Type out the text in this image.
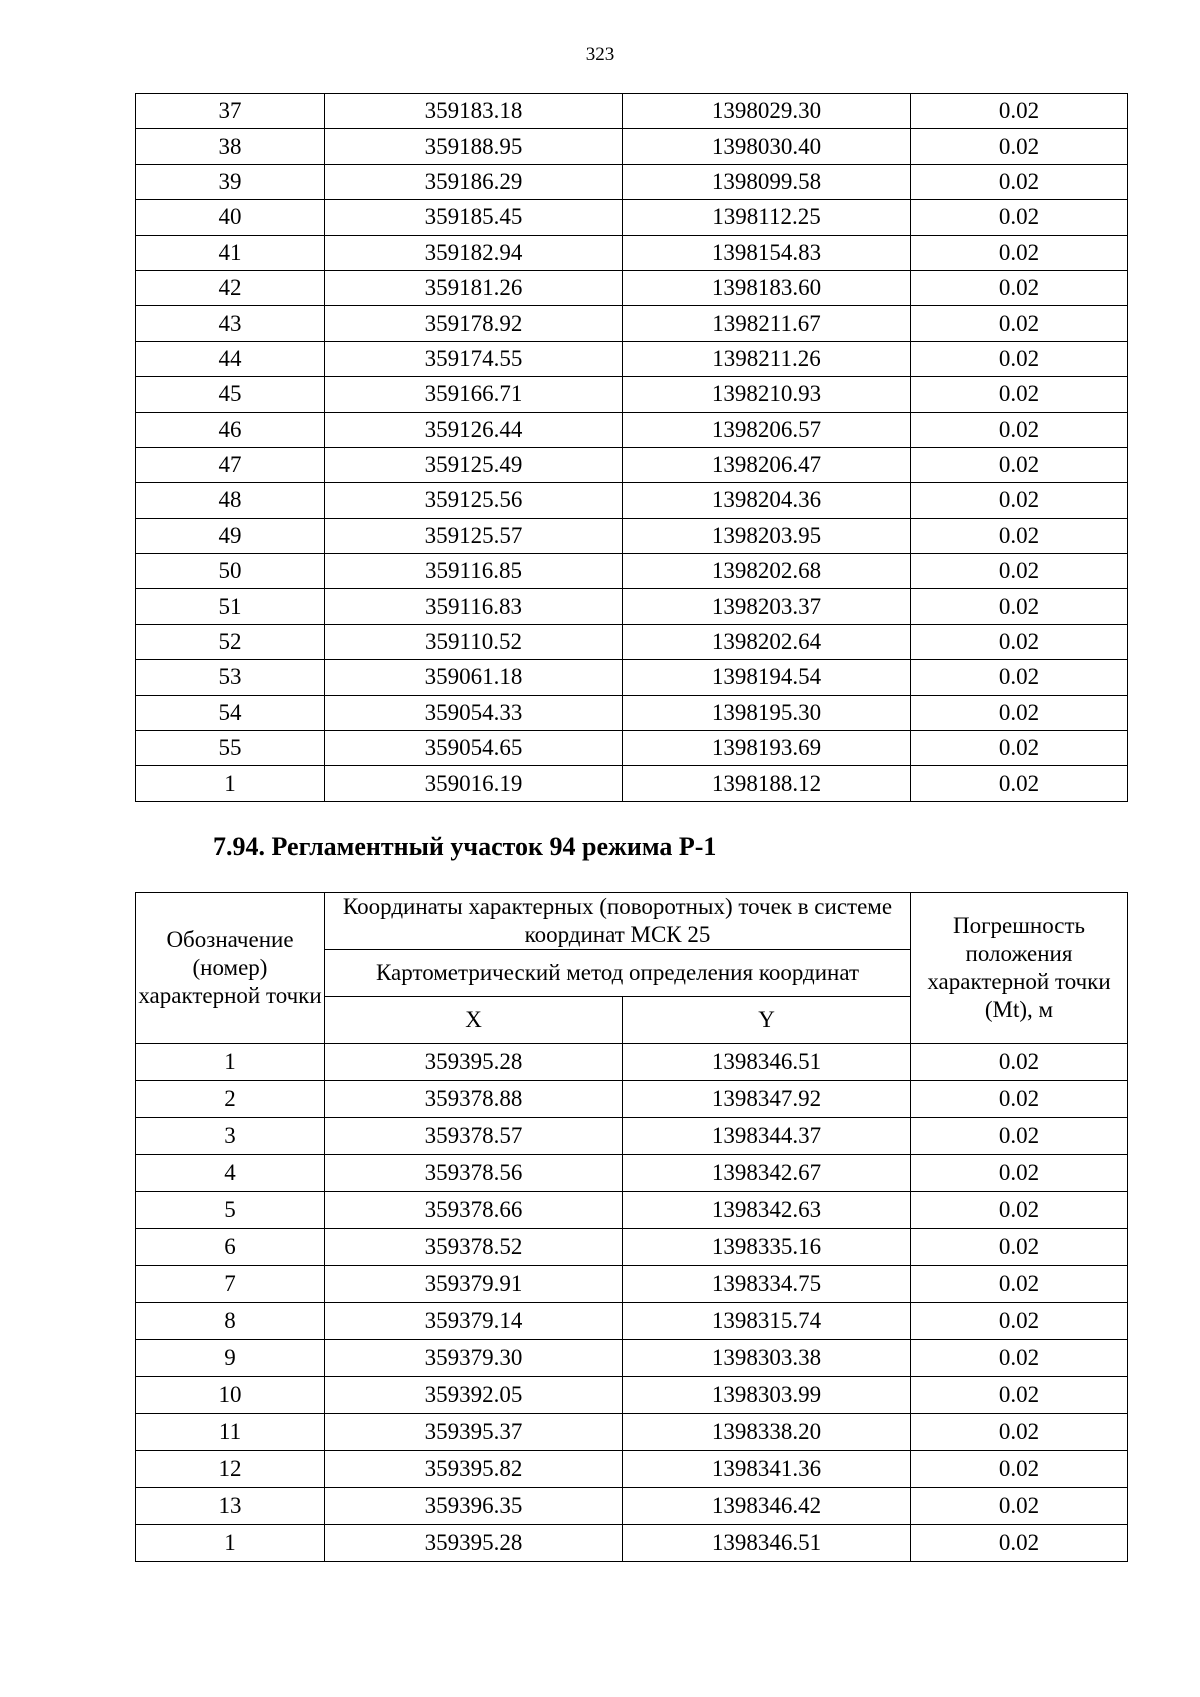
323
37	359183.18	1398029.30	0.02
38	359188.95	1398030.40	0.02
39	359186.29	1398099.58	0.02
40	359185.45	1398112.25	0.02
41	359182.94	1398154.83	0.02
42	359181.26	1398183.60	0.02
43	359178.92	1398211.67	0.02
44	359174.55	1398211.26	0.02
45	359166.71	1398210.93	0.02
46	359126.44	1398206.57	0.02
47	359125.49	1398206.47	0.02
48	359125.56	1398204.36	0.02
49	359125.57	1398203.95	0.02
50	359116.85	1398202.68	0.02
51	359116.83	1398203.37	0.02
52	359110.52	1398202.64	0.02
53	359061.18	1398194.54	0.02
54	359054.33	1398195.30	0.02
55	359054.65	1398193.69	0.02
1	359016.19	1398188.12	0.02
7.94. Регламентный участок 94 режима Р-1
Обозначение (номер) характерной точки	Координаты характерных (поворотных) точек в системе координат МСК 25		Погрешность положения характерной точки (Mt), м
	Картометрический метод определения координат		
	X	Y	
1	359395.28	1398346.51	0.02
2	359378.88	1398347.92	0.02
3	359378.57	1398344.37	0.02
4	359378.56	1398342.67	0.02
5	359378.66	1398342.63	0.02
6	359378.52	1398335.16	0.02
7	359379.91	1398334.75	0.02
8	359379.14	1398315.74	0.02
9	359379.30	1398303.38	0.02
10	359392.05	1398303.99	0.02
11	359395.37	1398338.20	0.02
12	359395.82	1398341.36	0.02
13	359396.35	1398346.42	0.02
1	359395.28	1398346.51	0.02
